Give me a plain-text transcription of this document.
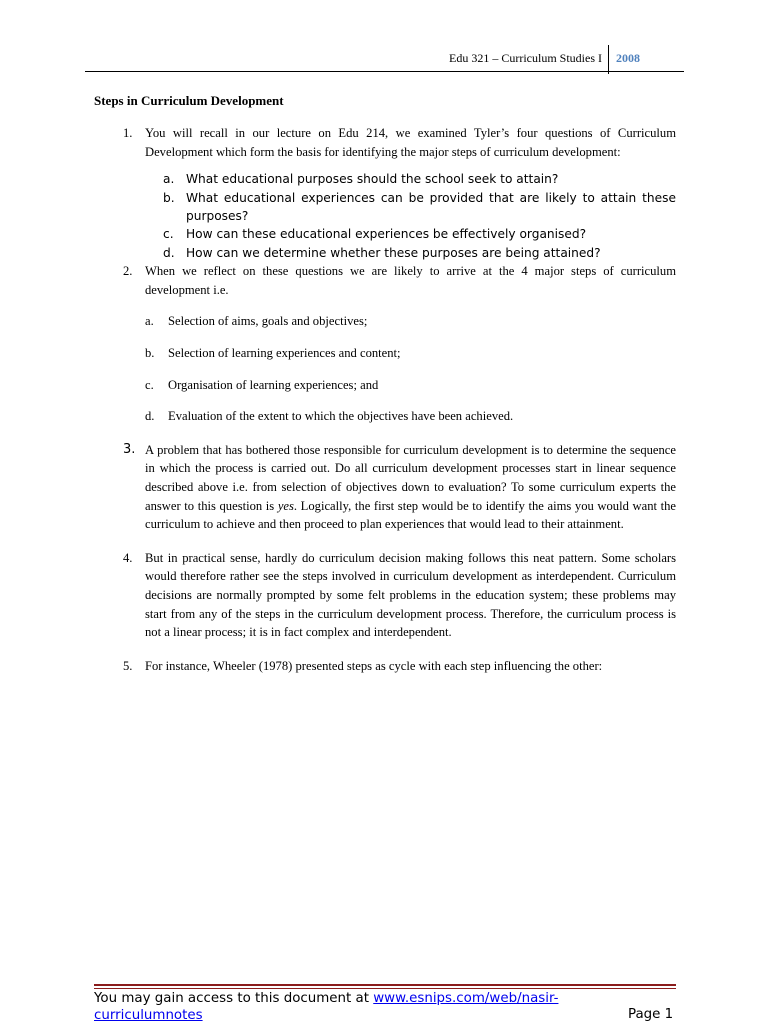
Edu 321 – Curriculum Studies I 2008
Steps in Curriculum Development
1. You will recall in our lecture on Edu 214, we examined Tyler’s four questions of Curriculum Development which form the basis for identifying the major steps of curriculum development:
a. What educational purposes should the school seek to attain?
b. What educational experiences can be provided that are likely to attain these purposes?
c. How can these educational experiences be effectively organised?
d. How can we determine whether these purposes are being attained?
2. When we reflect on these questions we are likely to arrive at the 4 major steps of curriculum development i.e.
a. Selection of aims, goals and objectives;
b. Selection of learning experiences and content;
c. Organisation of learning experiences; and
d. Evaluation of the extent to which the objectives have been achieved.
3. A problem that has bothered those responsible for curriculum development is to determine the sequence in which the process is carried out. Do all curriculum development processes start in linear sequence described above i.e. from selection of objectives down to evaluation? To some curriculum experts the answer to this question is yes. Logically, the first step would be to identify the aims you would want the curriculum to achieve and then proceed to plan experiences that would lead to their attainment.
4. But in practical sense, hardly do curriculum decision making follows this neat pattern. Some scholars would therefore rather see the steps involved in curriculum development as interdependent. Curriculum decisions are normally prompted by some felt problems in the education system; these problems may start from any of the steps in the curriculum development process. Therefore, the curriculum process is not a linear process; it is in fact complex and interdependent.
5. For instance, Wheeler (1978) presented steps as cycle with each step influencing the other:
You may gain access to this document at www.esnips.com/web/nasir-curriculumnotes	Page 1
